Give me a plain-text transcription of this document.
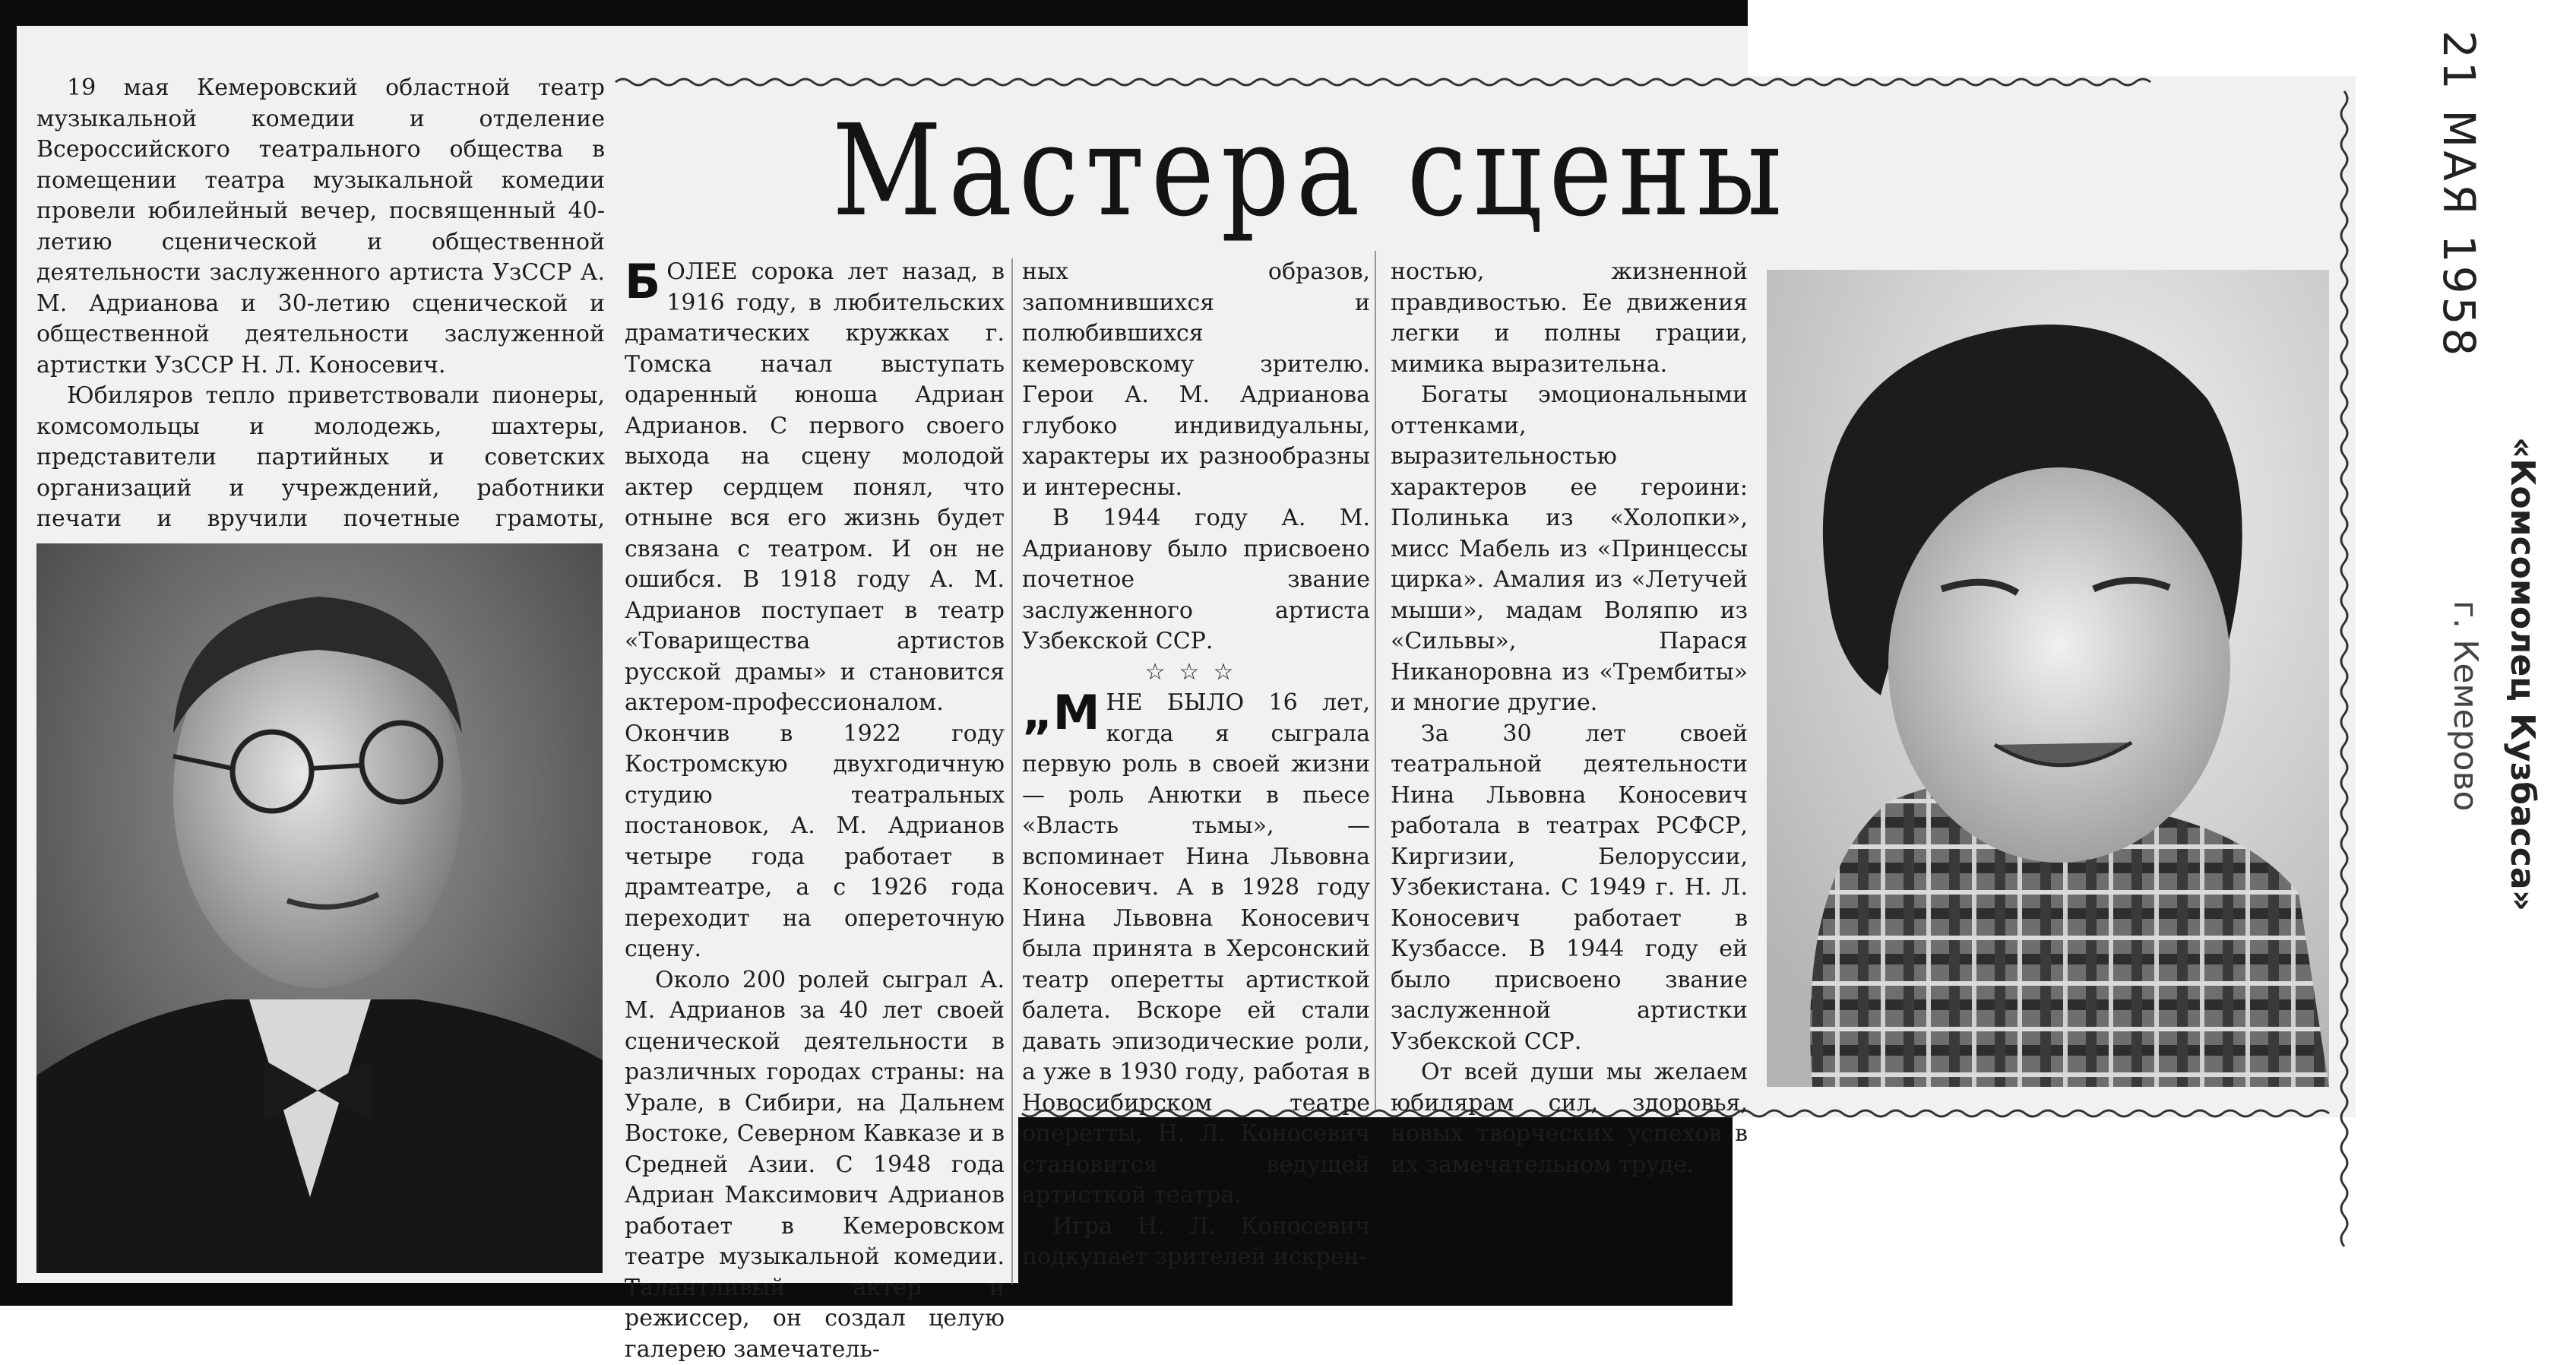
Мастера сцены

19 мая Кемеровский областной театр музыкальной комедии и отделение Всероссийского театрального общества в помещении театра музыкальной комедии провели юбилейный вечер, посвященный 40-летию сценической и общественной деятельности заслуженного артиста УзССР А. М. Адрианова и 30-летию сценической и общественной деятельности заслуженной артистки УзССР Н. Л. Коносевич.

Юбиляров тепло приветствовали пионеры, комсомольцы и молодежь, шахтеры, представители партийных и советских организаций и учреждений, работники печати и вручили почетные грамоты,

БОЛЕЕ сорока лет назад, в 1916 году, в любительских драматических кружках г. Томска начал выступать одаренный юноша Адриан Адрианов. С первого своего выхода на сцену молодой актер сердцем понял, что отныне вся его жизнь будет связана с театром. И он не ошибся. В 1918 году А. М. Адрианов поступает в театр «Товарищества артистов русской драмы» и становится актером-профессионалом. Окончив в 1922 году Костромскую двухгодичную студию театральных постановок, А. М. Адрианов четыре года работает в драмтеатре, а с 1926 года переходит на опереточную сцену.

Около 200 ролей сыграл А. М. Адрианов за 40 лет своей сценической деятельности в различных городах страны: на Урале, в Сибири, на Дальнем Востоке, Северном Кавказе и в Средней Азии. С 1948 года Адриан Максимович Адрианов работает в Кемеровском театре музыкальной комедии. Талантливый актер и режиссер, он создал целую галерею замечатель-

ных образов, запомнившихся и полюбившихся кемеровскому зрителю. Герои А. М. Адрианова глубоко индивидуальны, характеры их разнообразны и интересны.

В 1944 году А. М. Адрианову было присвоено почетное звание заслуженного артиста Узбекской ССР.

☆☆☆

„МНЕ БЫЛО 16 лет, когда я сыграла первую роль в своей жизни — роль Анютки в пьесе «Власть тьмы», — вспоминает Нина Львовна Коносевич. А в 1928 году Нина Львовна Коносевич была принята в Херсонский театр оперетты артисткой балета. Вскоре ей стали давать эпизодические роли, а уже в 1930 году, работая в Новосибирском театре оперетты, Н. Л. Коносевич становится ведущей артисткой театра.

Игра Н. Л. Коносевич подкупает зрителей искрен-

ностью, жизненной правдивостью. Ее движения легки и полны грации, мимика выразительна.

Богаты эмоциональными оттенками, выразительностью характеров ее героини: Полинька из «Холопки», мисс Мабель из «Принцессы цирка». Амалия из «Летучей мыши», мадам Воляпю из «Сильвы», Парася Никаноровна из «Трембиты» и многие другие.

За 30 лет своей театральной деятельности Нина Львовна Коносевич работала в театрах РСФСР, Киргизии, Белоруссии, Узбекистана. С 1949 г. Н. Л. Коносевич работает в Кузбассе. В 1944 году ей было присвоено звание заслуженной артистки Узбекской ССР.

От всей души мы желаем юбилярам сил, здоровья, новых творческих успехов в их замечательном труде.

21 МАЯ 1958
«Комсомолец Кузбасса»
г. Кемерово
